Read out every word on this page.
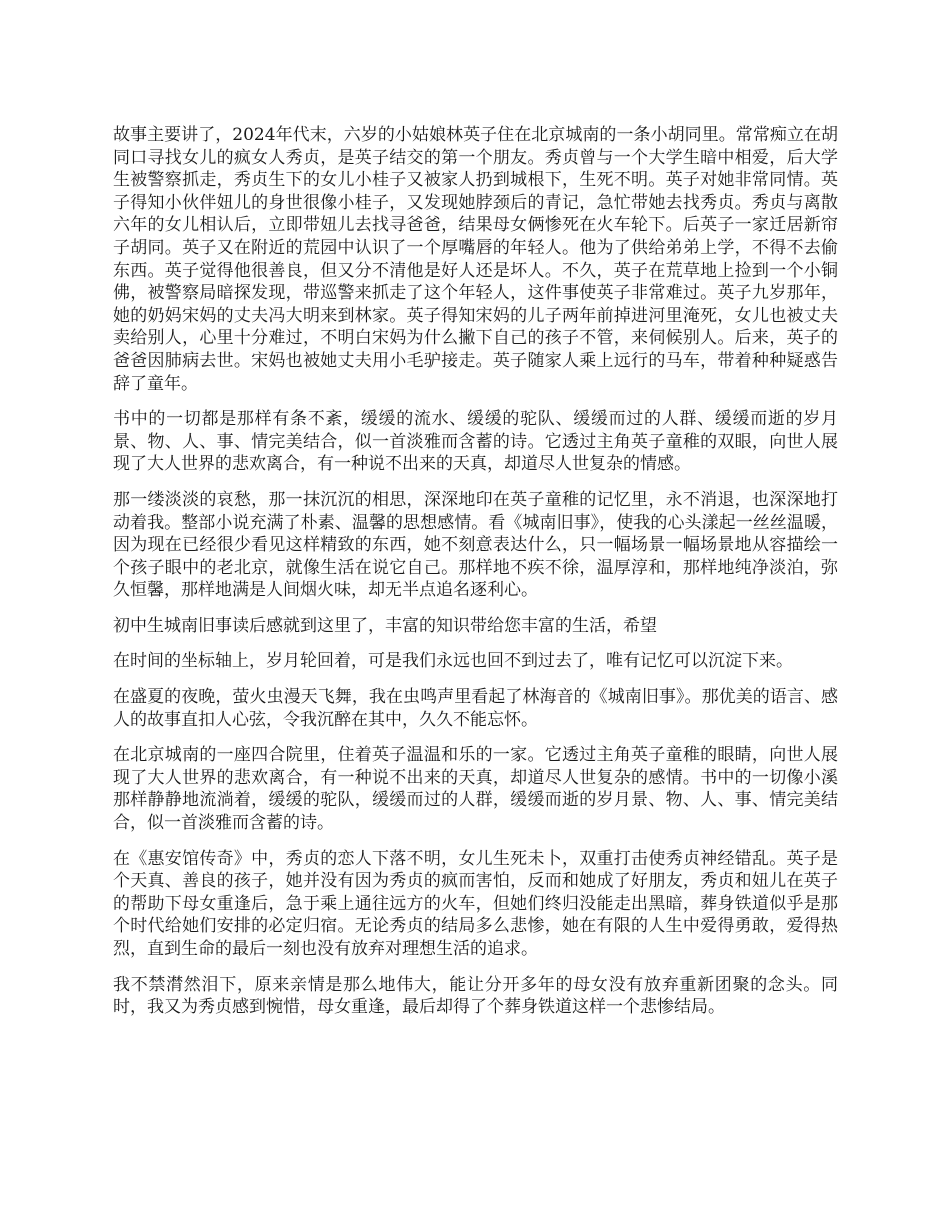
故事主要讲了，2024年代末，六岁的小姑娘林英子住在北京城南的一条小胡同里。常常痴立在胡同口寻找女儿的疯女人秀贞，是英子结交的第一个朋友。秀贞曾与一个大学生暗中相爱，后大学生被警察抓走，秀贞生下的女儿小桂子又被家人扔到城根下，生死不明。英子对她非常同情。英子得知小伙伴妞儿的身世很像小桂子，又发现她脖颈后的青记，急忙带她去找秀贞。秀贞与离散六年的女儿相认后，立即带妞儿去找寻爸爸，结果母女俩惨死在火车轮下。后英子一家迁居新帘子胡同。英子又在附近的荒园中认识了一个厚嘴唇的年轻人。他为了供给弟弟上学，不得不去偷东西。英子觉得他很善良，但又分不清他是好人还是坏人。不久，英子在荒草地上捡到一个小铜佛，被警察局暗探发现，带巡警来抓走了这个年轻人，这件事使英子非常难过。英子九岁那年，她的奶妈宋妈的丈夫冯大明来到林家。英子得知宋妈的儿子两年前掉进河里淹死，女儿也被丈夫卖给别人，心里十分难过，不明白宋妈为什么撇下自己的孩子不管，来伺候别人。后来，英子的爸爸因肺病去世。宋妈也被她丈夫用小毛驴接走。英子随家人乘上远行的马车，带着种种疑惑告辞了童年。

书中的一切都是那样有条不紊，缓缓的流水、缓缓的驼队、缓缓而过的人群、缓缓而逝的岁月景、物、人、事、情完美结合，似一首淡雅而含蓄的诗。它透过主角英子童稚的双眼，向世人展现了大人世界的悲欢离合，有一种说不出来的天真，却道尽人世复杂的情感。

那一缕淡淡的哀愁，那一抹沉沉的相思，深深地印在英子童稚的记忆里，永不消退，也深深地打动着我。整部小说充满了朴素、温馨的思想感情。看《城南旧事》，使我的心头漾起一丝丝温暖，因为现在已经很少看见这样精致的东西，她不刻意表达什么，只一幅场景一幅场景地从容描绘一个孩子眼中的老北京，就像生活在说它自己。那样地不疾不徐，温厚淳和，那样地纯净淡泊，弥久恒馨，那样地满是人间烟火味，却无半点追名逐利心。

初中生城南旧事读后感就到这里了，丰富的知识带给您丰富的生活，希望

在时间的坐标轴上，岁月轮回着，可是我们永远也回不到过去了，唯有记忆可以沉淀下来。

在盛夏的夜晚，萤火虫漫天飞舞，我在虫鸣声里看起了林海音的《城南旧事》。那优美的语言、感人的故事直扣人心弦，令我沉醉在其中，久久不能忘怀。

在北京城南的一座四合院里，住着英子温温和乐的一家。它透过主角英子童稚的眼睛，向世人展现了大人世界的悲欢离合，有一种说不出来的天真，却道尽人世复杂的感情。书中的一切像小溪那样静静地流淌着，缓缓的驼队，缓缓而过的人群，缓缓而逝的岁月景、物、人、事、情完美结合，似一首淡雅而含蓄的诗。

在《惠安馆传奇》中，秀贞的恋人下落不明，女儿生死未卜，双重打击使秀贞神经错乱。英子是个天真、善良的孩子，她并没有因为秀贞的疯而害怕，反而和她成了好朋友，秀贞和妞儿在英子的帮助下母女重逢后，急于乘上通往远方的火车，但她们终归没能走出黑暗，葬身铁道似乎是那个时代给她们安排的必定归宿。无论秀贞的结局多么悲惨，她在有限的人生中爱得勇敢，爱得热烈，直到生命的最后一刻也没有放弃对理想生活的追求。

我不禁潸然泪下，原来亲情是那么地伟大，能让分开多年的母女没有放弃重新团聚的念头。同时，我又为秀贞感到惋惜，母女重逢，最后却得了个葬身铁道这样一个悲惨结局。
